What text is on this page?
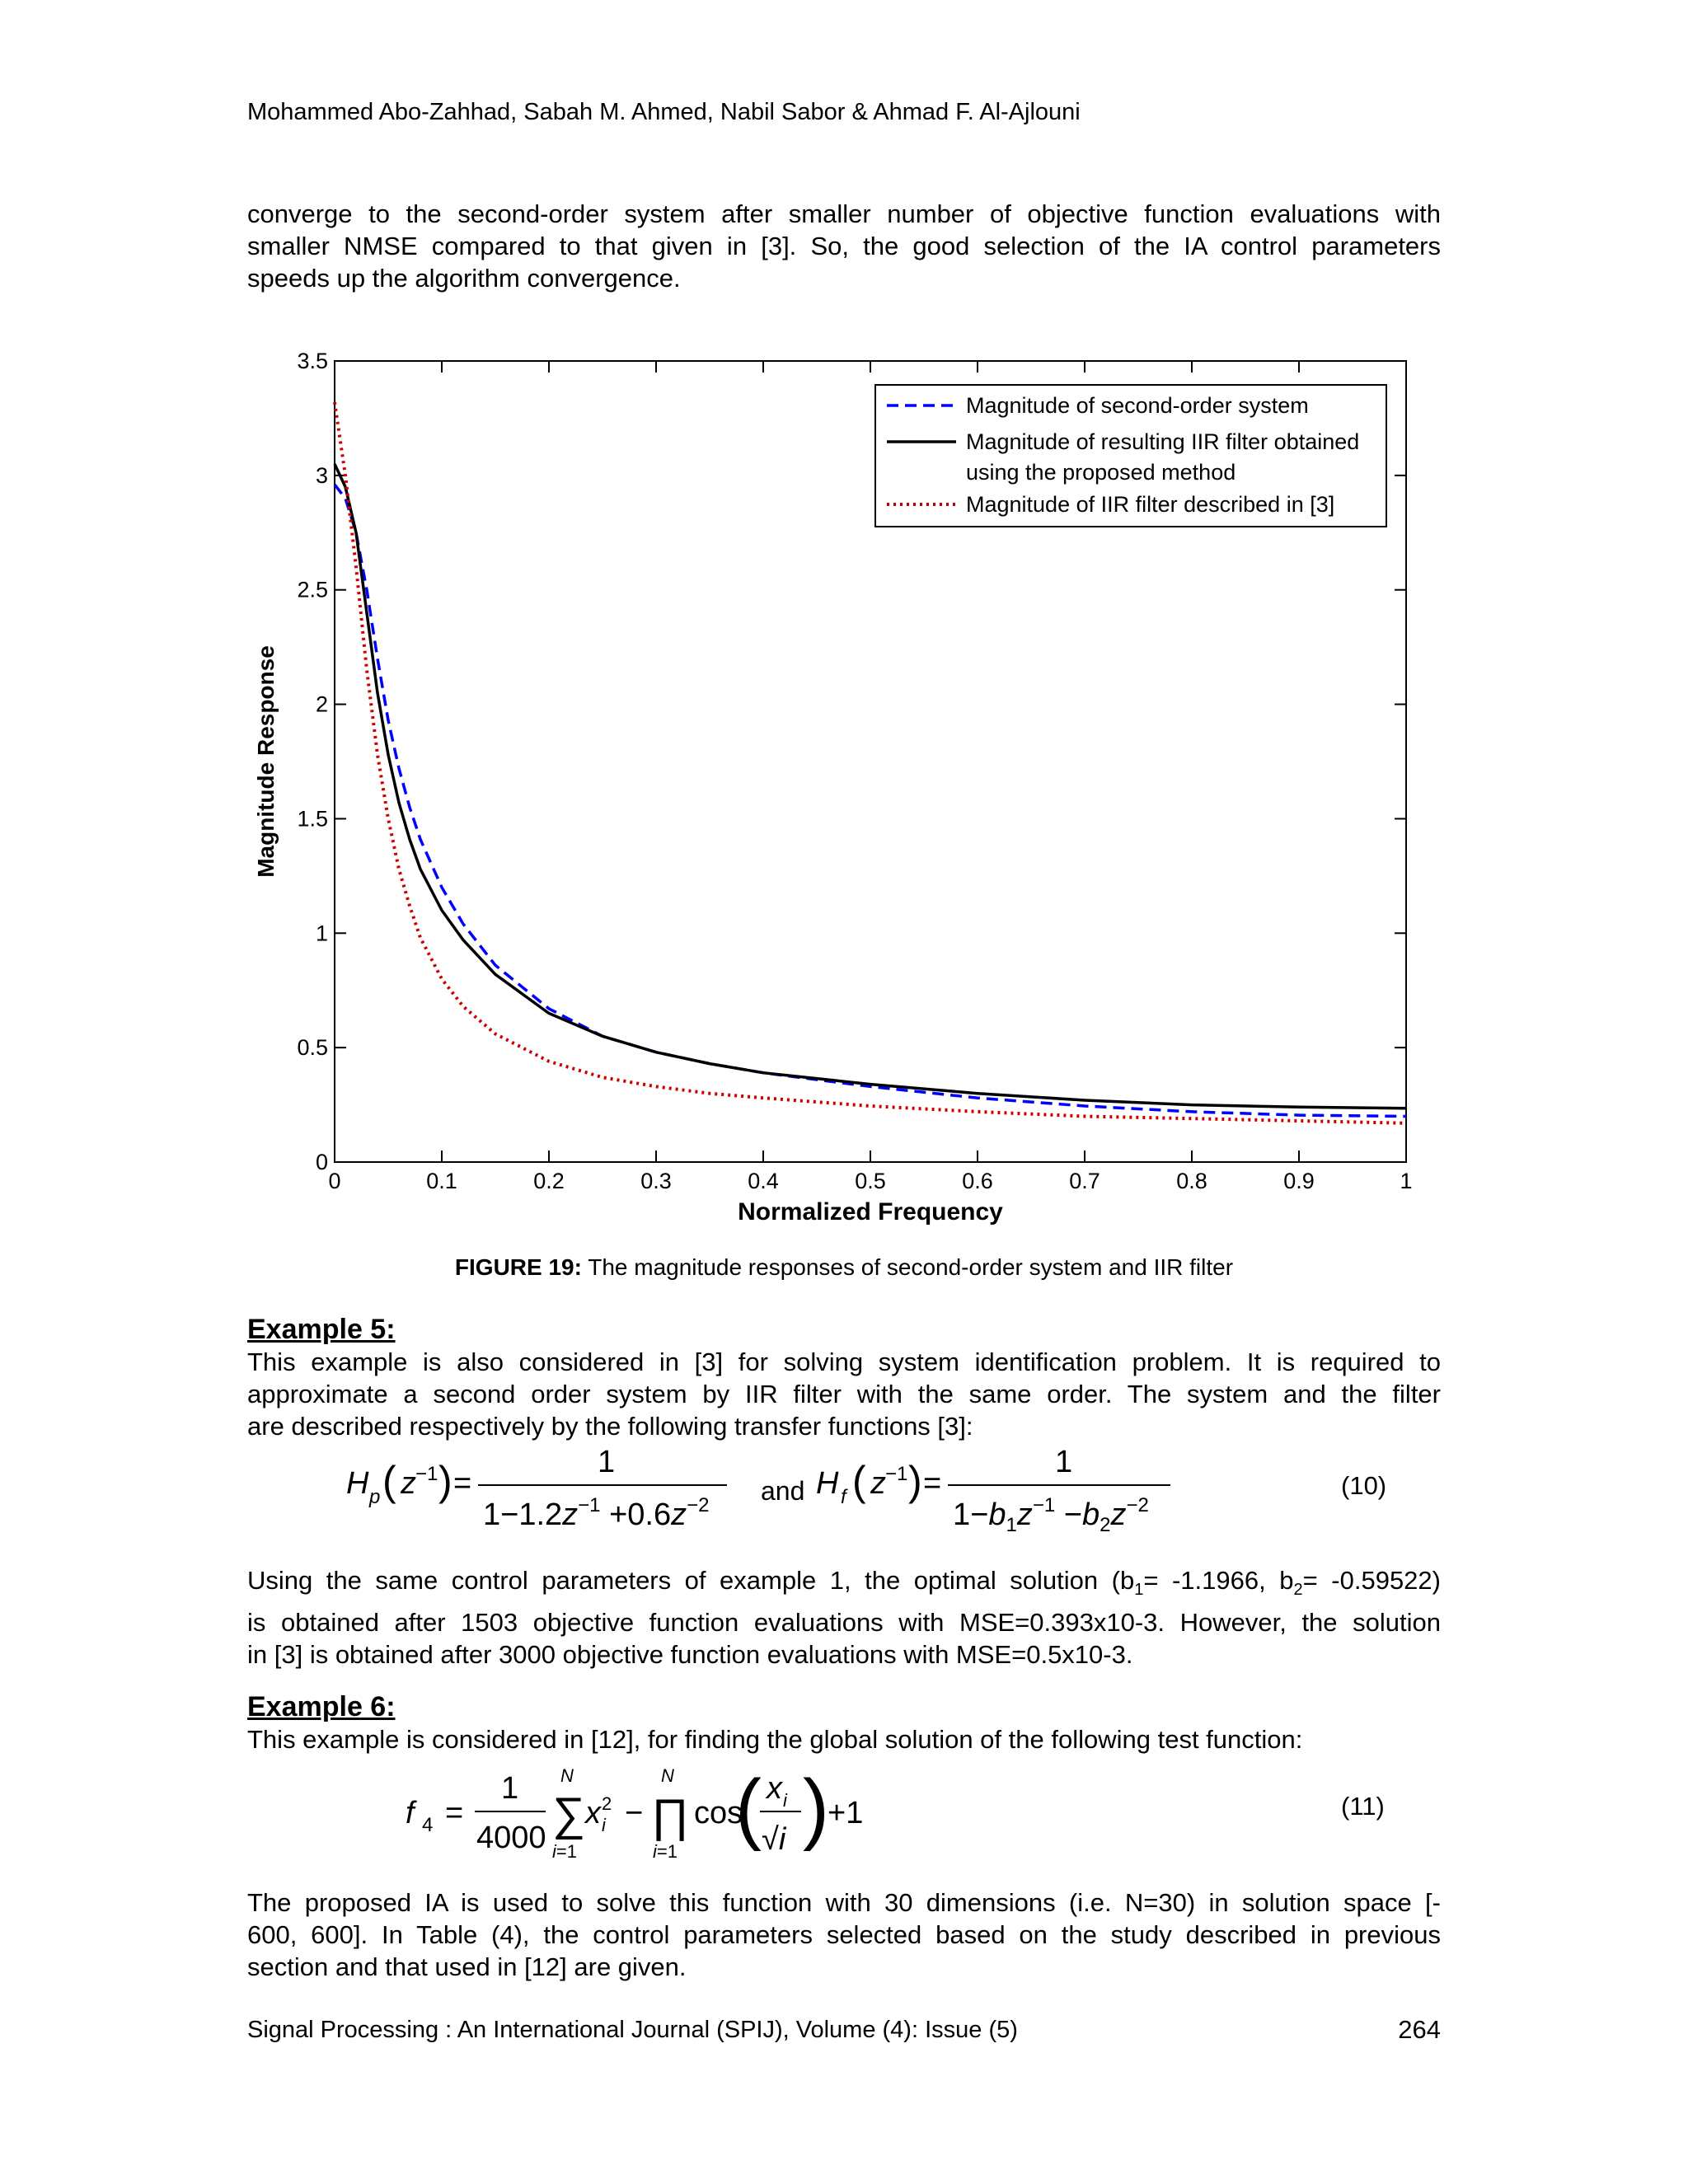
Mohammed Abo-Zahhad, Sabah M. Ahmed, Nabil Sabor & Ahmad F. Al-Ajlouni
converge to the second-order system after smaller number of objective function evaluations with
smaller NMSE compared to that given in [3]. So, the good selection of the IA control parameters
speeds up the algorithm convergence.
0	0.1	0.2	0.3	0.4	0.5	0.6	0.7	0.8	0.9	1
0
0.5
1
1.5
2
2.5
3
3.5
Normalized Frequency
Magnitude Response
Magnitude of second-order system
Magnitude of resulting IIR filter obtained
using the proposed method
Magnitude of IIR filter described in [3]
FIGURE 19: The magnitude responses of second-order system and IIR filter
Example 5:
This example is also considered in [3] for solving system identification problem. It is required to
approximate a second order system by IIR filter with the same order. The system and the filter
are described respectively by the following transfer functions [3]:
H p ( z −1 ) =
1
$1-1.2z^{-1} +0.6z^{-2}$ and H f ( z −1 ) =
1
$1-b_1z^{-1} -b_2z^{-2}$
(10)
Using the same control parameters of example 1, the optimal solution ($b_1= -1.1966$, $b_2= -0.59522$)
is obtained after 1503 objective function evaluations with MSE=0.393x10-3. However, the solution
in [3] is obtained after 3000 objective function evaluations with MSE=0.5x10-3.
Example 6:
This example is considered in [12], for finding the global solution of the following test function:
f 4 =
1
4000
N
∑
i=1
x 2
i −
N
∏
i=1
cos
( x i
√i )
+1	(11)
The proposed IA is used to solve this function with 30 dimensions (i.e. N=30) in solution space [-
600, 600]. In Table (4), the control parameters selected based on the study described in previous
section and that used in [12] are given.
Signal Processing : An International Journal (SPIJ), Volume (4): Issue (5)	264
